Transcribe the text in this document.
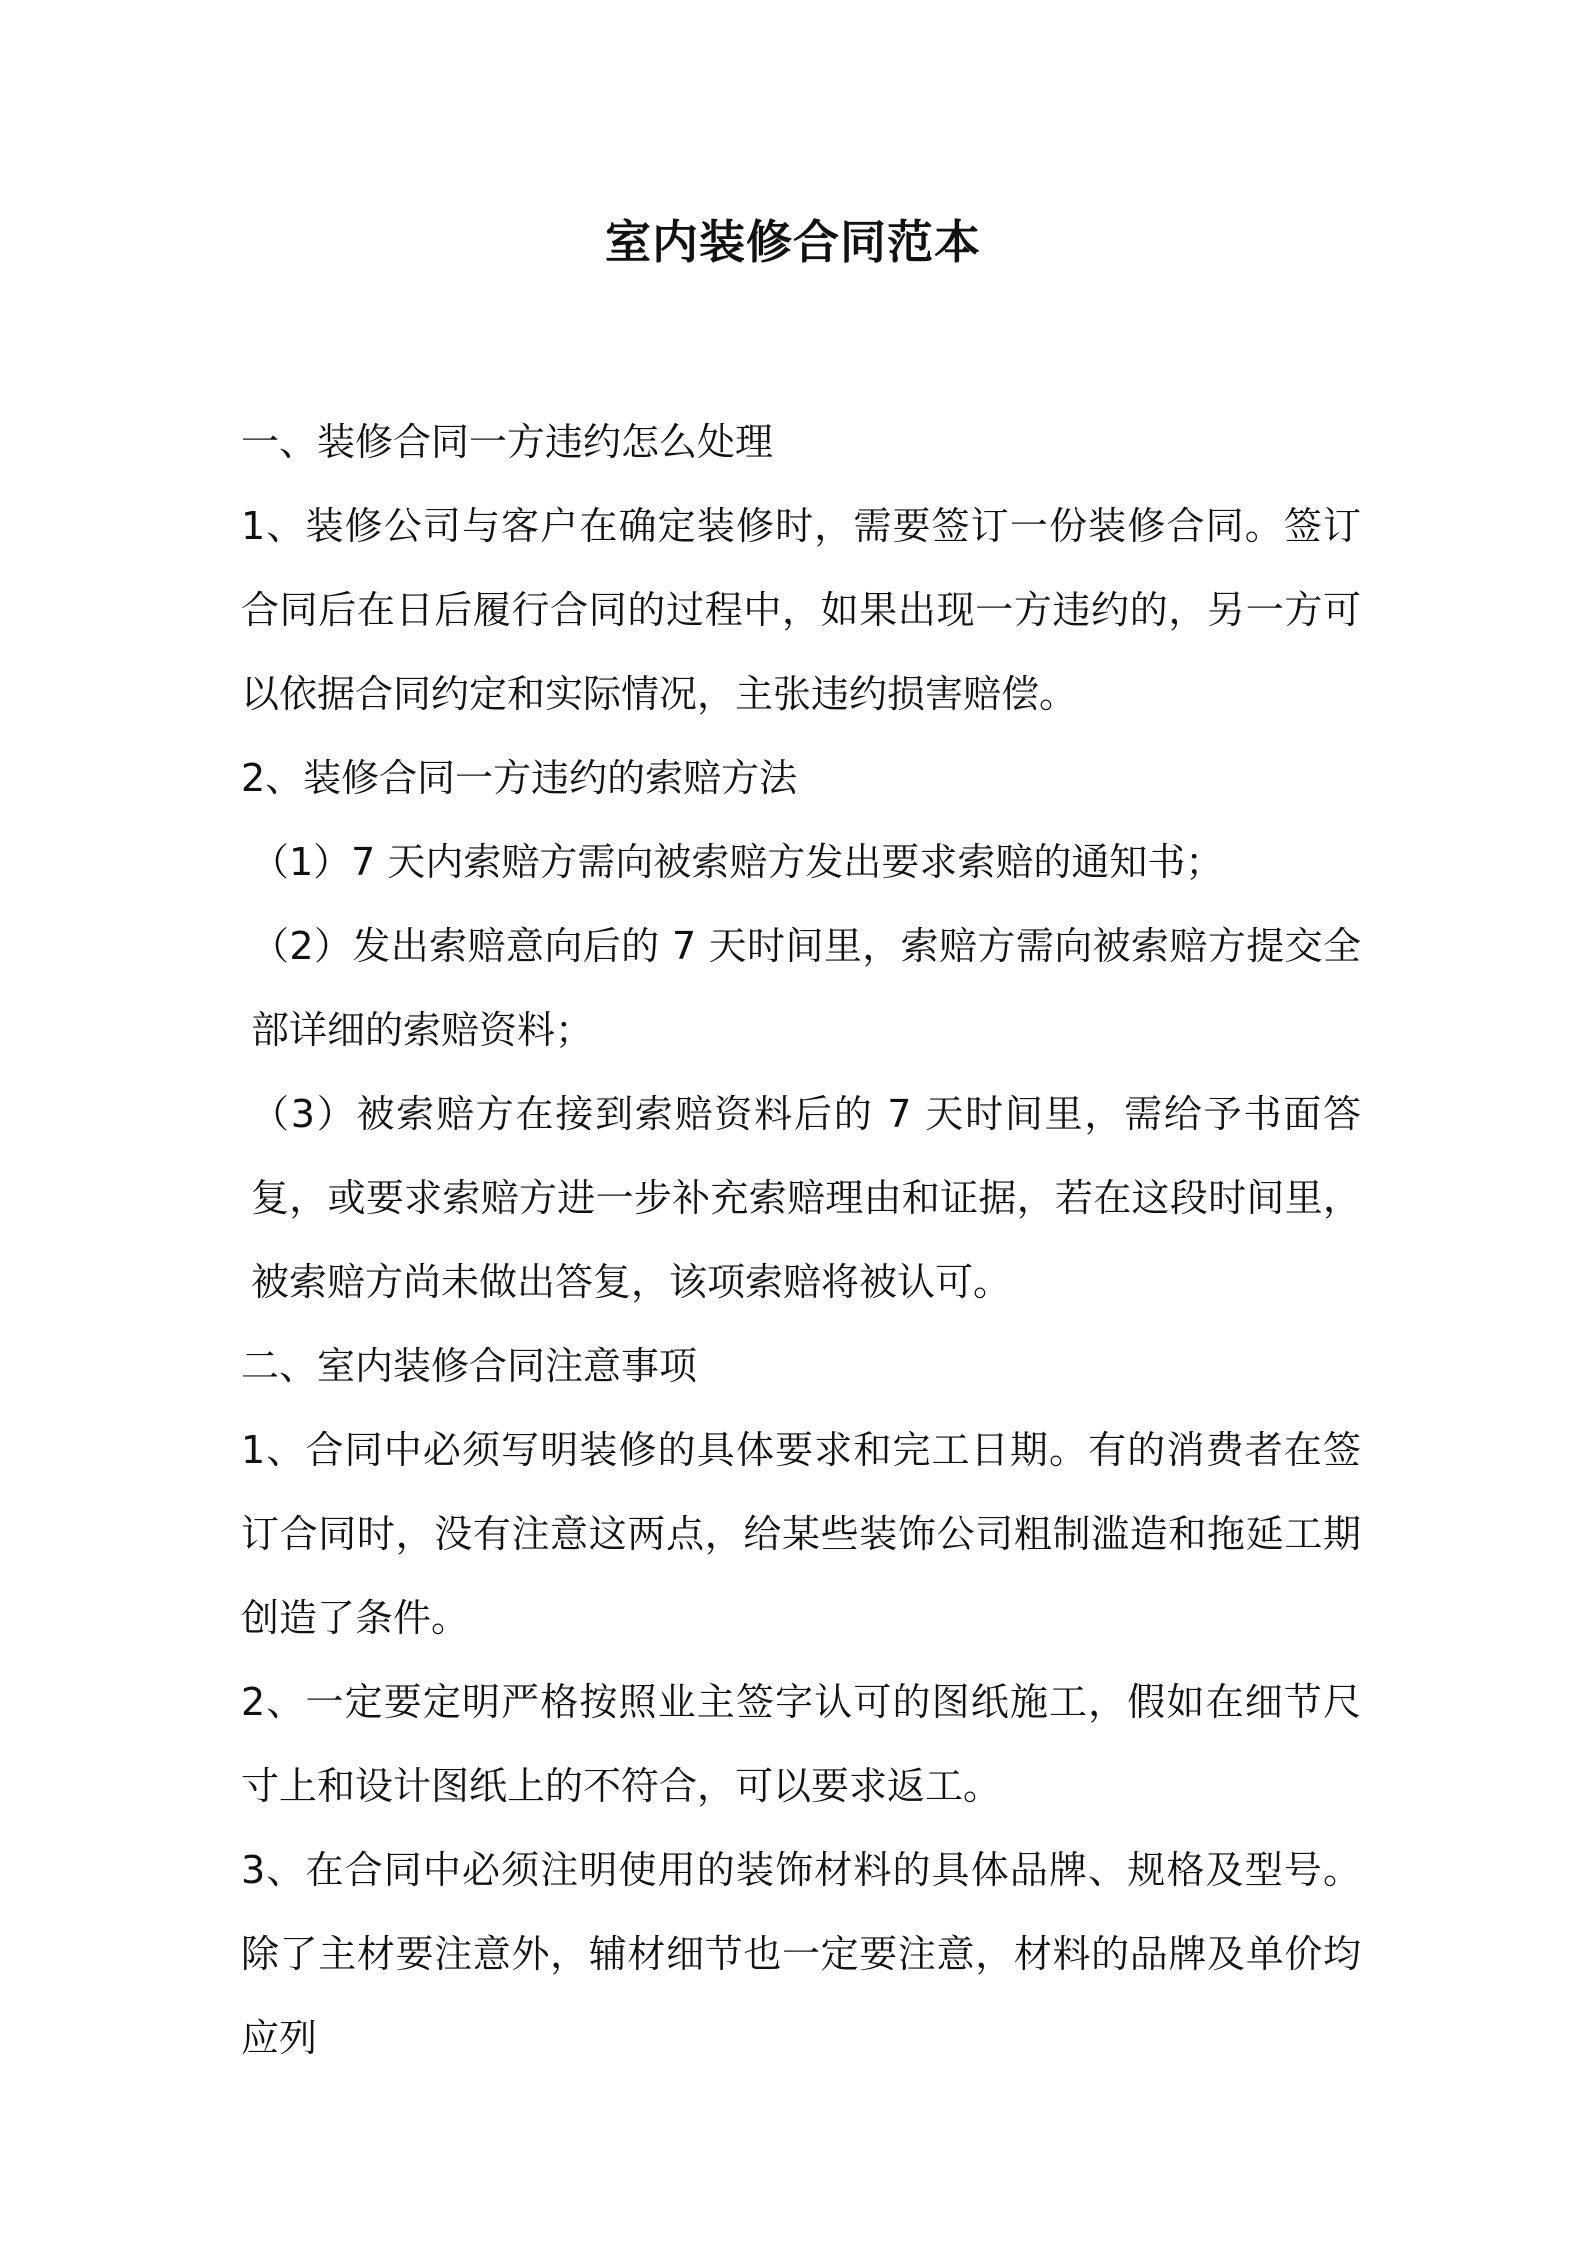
室内装修合同范本

一、装修合同一方违约怎么处理

1、装修公司与客户在确定装修时，需要签订一份装修合同。签订合同后在日后履行合同的过程中，如果出现一方违约的，另一方可以依据合同约定和实际情况，主张违约损害赔偿。

2、装修合同一方违约的索赔方法

（1）7 天内索赔方需向被索赔方发出要求索赔的通知书；

（2）发出索赔意向后的 7 天时间里，索赔方需向被索赔方提交全部详细的索赔资料；

（3）被索赔方在接到索赔资料后的 7 天时间里，需给予书面答复，或要求索赔方进一步补充索赔理由和证据，若在这段时间里，被索赔方尚未做出答复，该项索赔将被认可。

二、室内装修合同注意事项

1、合同中必须写明装修的具体要求和完工日期。有的消费者在签订合同时，没有注意这两点，给某些装饰公司粗制滥造和拖延工期创造了条件。

2、一定要定明严格按照业主签字认可的图纸施工，假如在细节尺寸上和设计图纸上的不符合，可以要求返工。

3、在合同中必须注明使用的装饰材料的具体品牌、规格及型号。除了主材要注意外，辅材细节也一定要注意，材料的品牌及单价均应列
